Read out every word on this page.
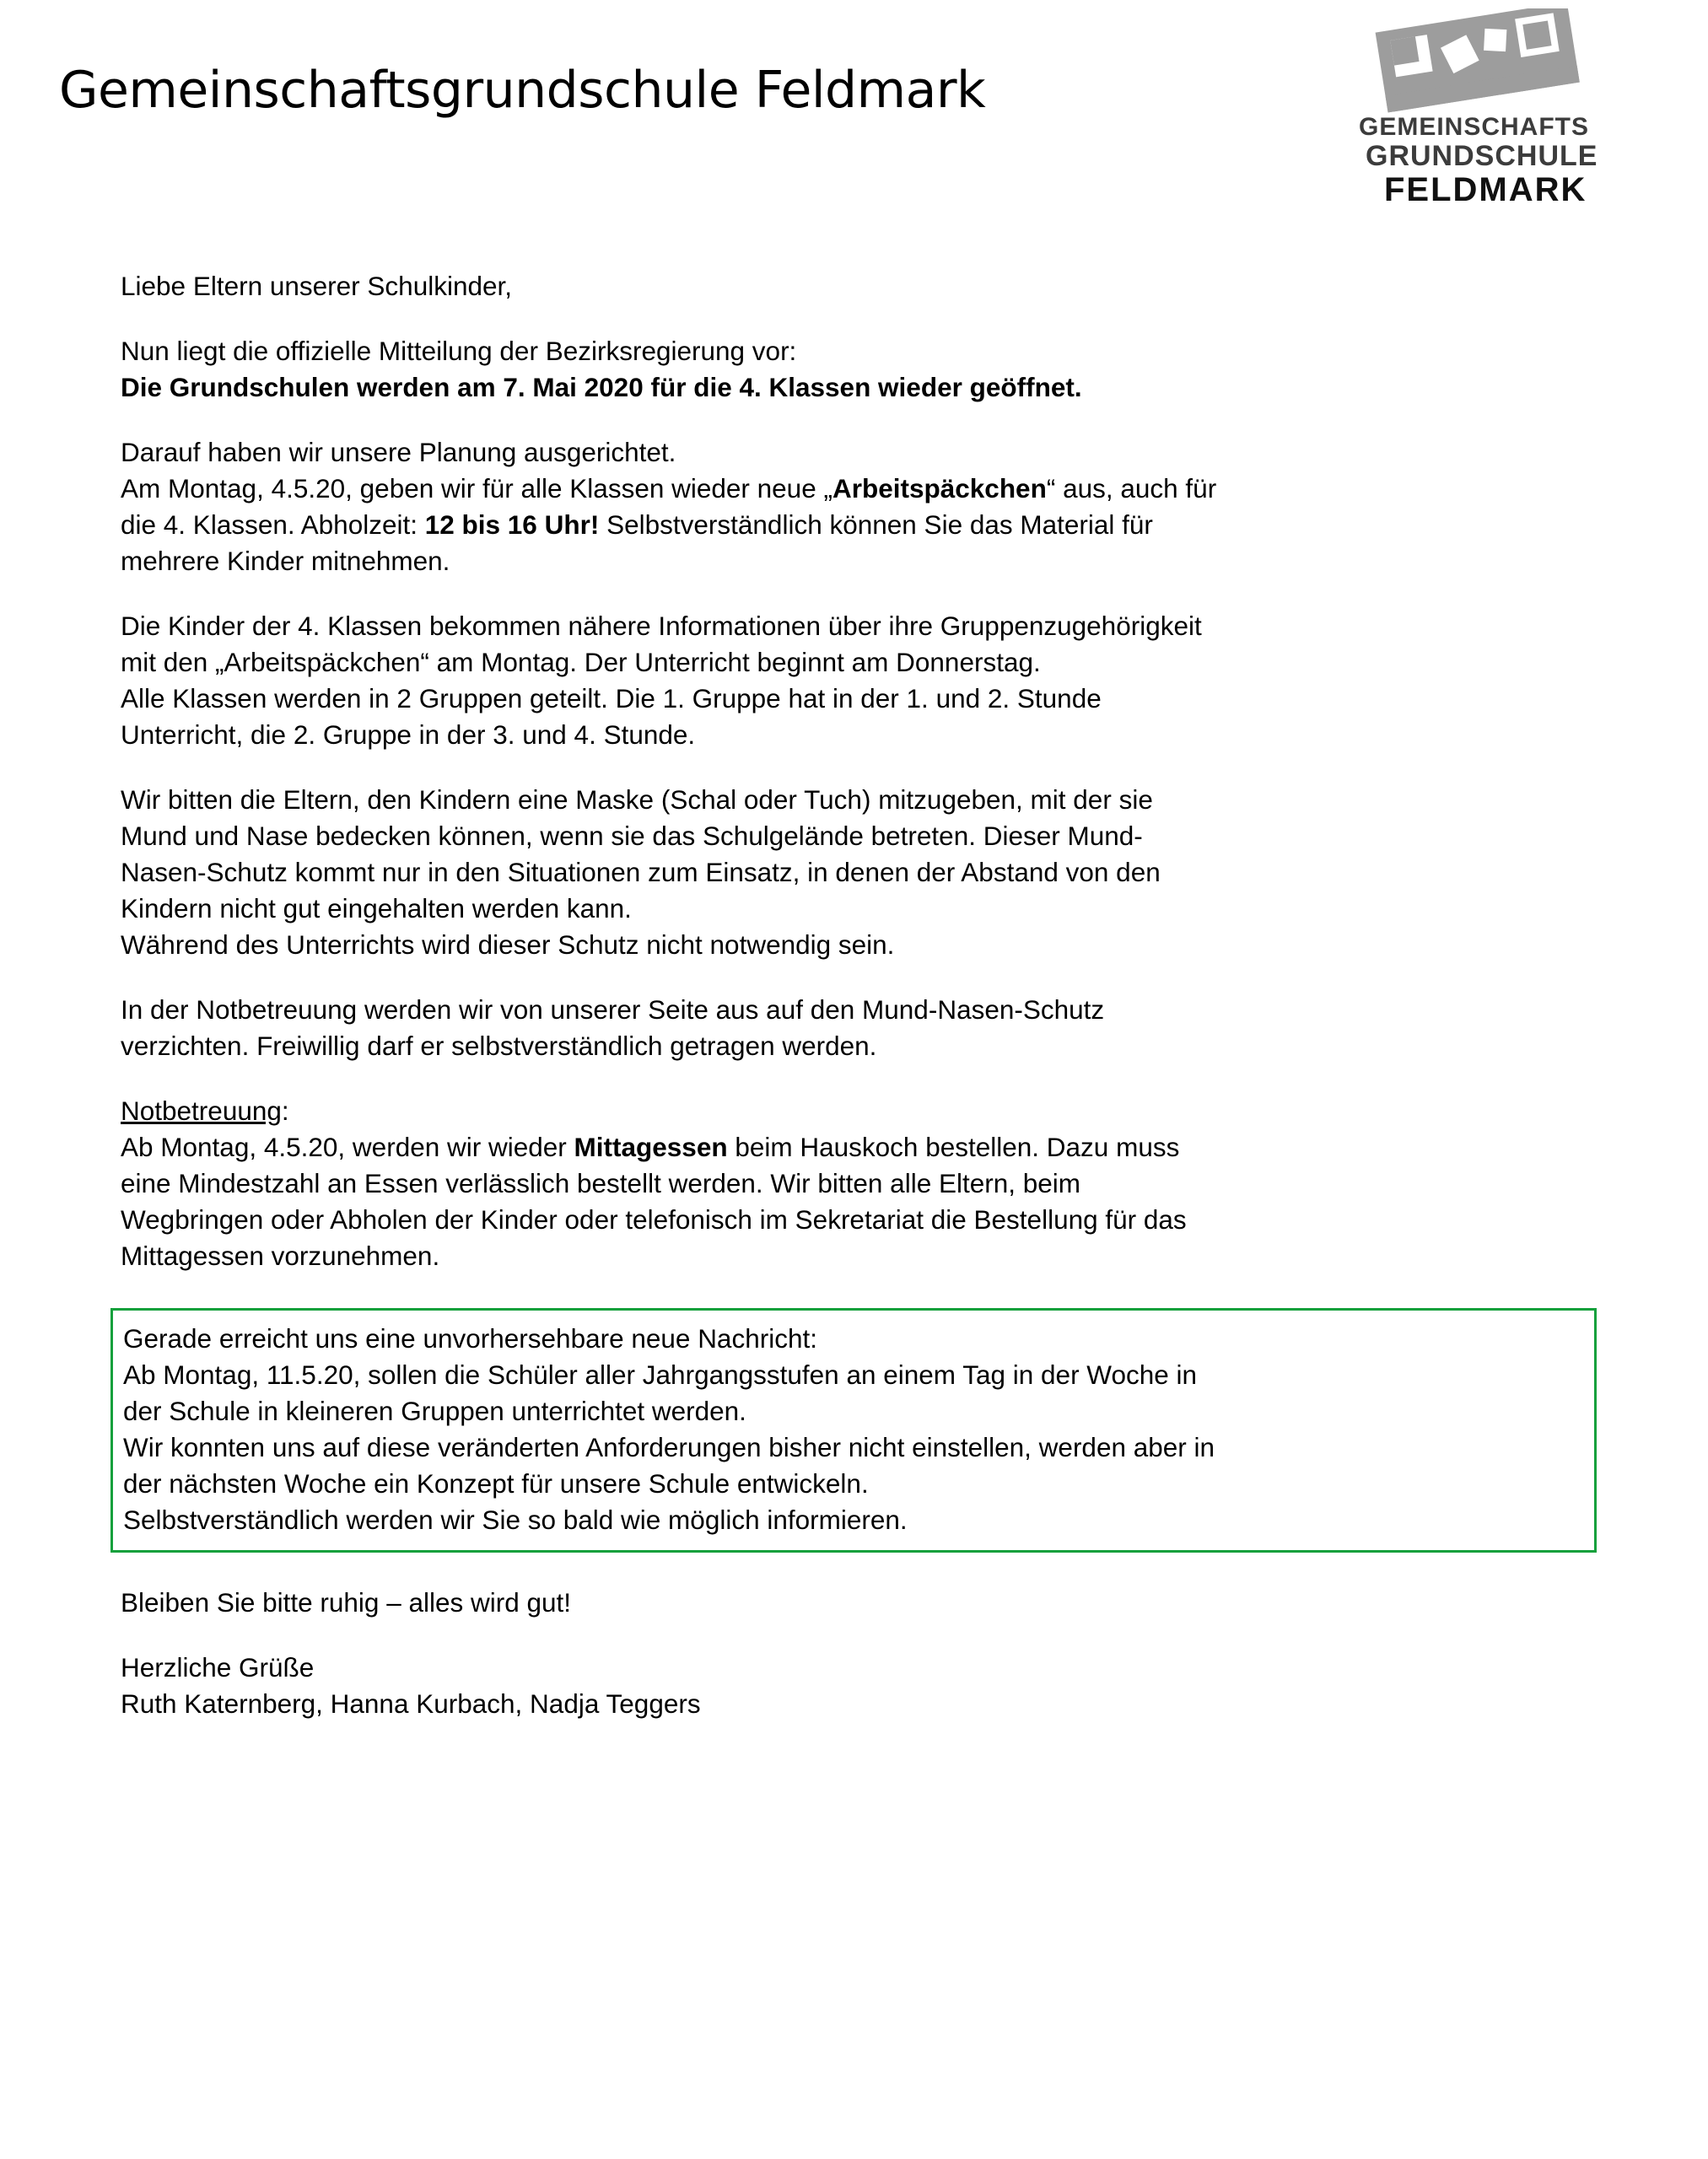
Gemeinschaftsgrundschule Feldmark
GEMEINSCHAFTS
GRUNDSCHULE
FELDMARK

Liebe Eltern unserer Schulkinder,

Nun liegt die offizielle Mitteilung der Bezirksregierung vor:
Die Grundschulen werden am 7. Mai 2020 für die 4. Klassen wieder geöffnet.

Darauf haben wir unsere Planung ausgerichtet.
Am Montag, 4.5.20, geben wir für alle Klassen wieder neue „Arbeitspäckchen“ aus, auch für
die 4. Klassen. Abholzeit: 12 bis 16 Uhr! Selbstverständlich können Sie das Material für
mehrere Kinder mitnehmen.

Die Kinder der 4. Klassen bekommen nähere Informationen über ihre Gruppenzugehörigkeit
mit den „Arbeitspäckchen“ am Montag. Der Unterricht beginnt am Donnerstag.
Alle Klassen werden in 2 Gruppen geteilt. Die 1. Gruppe hat in der 1. und 2. Stunde
Unterricht, die 2. Gruppe in der 3. und 4. Stunde.

Wir bitten die Eltern, den Kindern eine Maske (Schal oder Tuch) mitzugeben, mit der sie
Mund und Nase bedecken können, wenn sie das Schulgelände betreten. Dieser Mund-
Nasen-Schutz kommt nur in den Situationen zum Einsatz, in denen der Abstand von den
Kindern nicht gut eingehalten werden kann.
Während des Unterrichts wird dieser Schutz nicht notwendig sein.

In der Notbetreuung werden wir von unserer Seite aus auf den Mund-Nasen-Schutz
verzichten. Freiwillig darf er selbstverständlich getragen werden.

Notbetreuung:
Ab Montag, 4.5.20, werden wir wieder Mittagessen beim Hauskoch bestellen. Dazu muss
eine Mindestzahl an Essen verlässlich bestellt werden. Wir bitten alle Eltern, beim
Wegbringen oder Abholen der Kinder oder telefonisch im Sekretariat die Bestellung für das
Mittagessen vorzunehmen.

Gerade erreicht uns eine unvorhersehbare neue Nachricht:
Ab Montag, 11.5.20, sollen die Schüler aller Jahrgangsstufen an einem Tag in der Woche in
der Schule in kleineren Gruppen unterrichtet werden.
Wir konnten uns auf diese veränderten Anforderungen bisher nicht einstellen, werden aber in
der nächsten Woche ein Konzept für unsere Schule entwickeln.
Selbstverständlich werden wir Sie so bald wie möglich informieren.

Bleiben Sie bitte ruhig – alles wird gut!

Herzliche Grüße
Ruth Katernberg, Hanna Kurbach, Nadja Teggers
